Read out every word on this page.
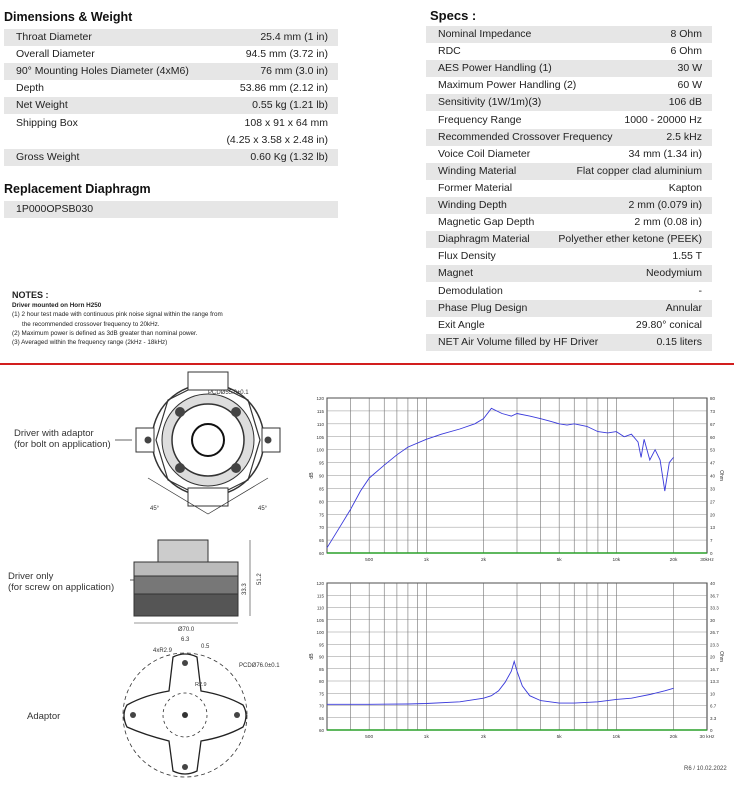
Dimensions & Weight
Throat Diameter	25.4 mm (1 in)
Overall Diameter	94.5 mm (3.72 in)
90° Mounting Holes Diameter (4xM6)	76 mm (3.0 in)
Depth	53.86 mm (2.12 in)
Net Weight	0.55 kg (1.21 lb)
Shipping Box	108 x 91 x 64 mm
(4.25 x 3.58 x 2.48 in)
Gross Weight	0.60 Kg (1.32 lb)
Replacement Diaphragm
1P000OPSB030
NOTES :
Driver mounted on Horn H250
(1) 2 hour test made with continuous pink noise signal within the range from
the recommended crossover frequency to 20kHz.
(2) Maximum power is defined as 3dB greater than nominal power.
(3) Averaged within the frequency range (2kHz - 18kHz)
Specs :
Nominal Impedance	8 Ohm
RDC	6 Ohm
AES Power Handling (1)	30 W
Maximum Power Handling (2)	60 W
Sensitivity (1W/1m)(3)	106 dB
Frequency Range	1000 - 20000 Hz
Recommended Crossover Frequency	2.5 kHz
Voice Coil Diameter	34 mm (1.34 in)
Winding Material	Flat copper clad aluminium
Former Material	Kapton
Winding Depth	2 mm (0.079 in)
Magnetic Gap Depth	2 mm (0.08 in)
Diaphragm Material	Polyether ether ketone (PEEK)
Flux Density	1.55 T
Magnet	Neodymium
Demodulation	-
Phase Plug Design	Annular
Exit Angle	29.80° conical
NET Air Volume filled by HF Driver	0.15 liters
Driver with adaptor
(for bolt on application)
Driver only
(for screw on application)
Adaptor
45°	45°
PCDØ55.0±0.1
Ø70.0
51.2
33.3
6.3
0.5
4xR2.9
R2.9
PCDØ76.0±0.1
60	0
65	7
70	13
75	20
80	27
85	33
90	40
95	47
100	53
105	60
110	67
115	73
120	80
500	1k	2k	5k	10k	20k	30kHz
dB	Ohm
60	0
65	3.3
70	6.7
75	10
80	13.3
85	16.7
90	20
95	23.3
100	26.7
105	30
110	33.3
115	36.7
120	40
500	1k	2k	5k	10k	20k	30 kHz
dB	Ohm
R6 / 10.02.2022
